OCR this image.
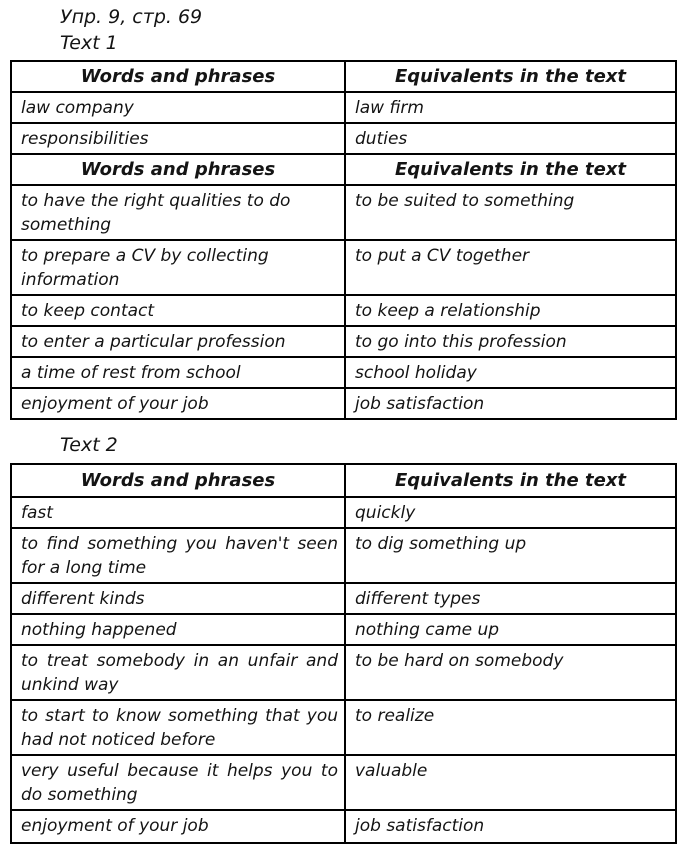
Упр. 9, стр. 69
Text 1
Words and phrases	Equivalents in the text
law company	law firm
responsibilities	duties
Words and phrases	Equivalents in the text
to have the right qualities to do something	to be suited to something
to prepare a CV by collecting information	to put a CV together
to keep contact	to keep a relationship
to enter a particular profession	to go into this profession
a time of rest from school	school holiday
enjoyment of your job	job satisfaction
Text 2
Words and phrases	Equivalents in the text
fast	quickly
to find something you haven't seen for a long time	to dig something up
different kinds	different types
nothing happened	nothing came up
to treat somebody in an unfair and unkind way	to be hard on somebody
to start to know something that you had not noticed before	to realize
very useful because it helps you to do something	valuable
enjoyment of your job	job satisfaction
